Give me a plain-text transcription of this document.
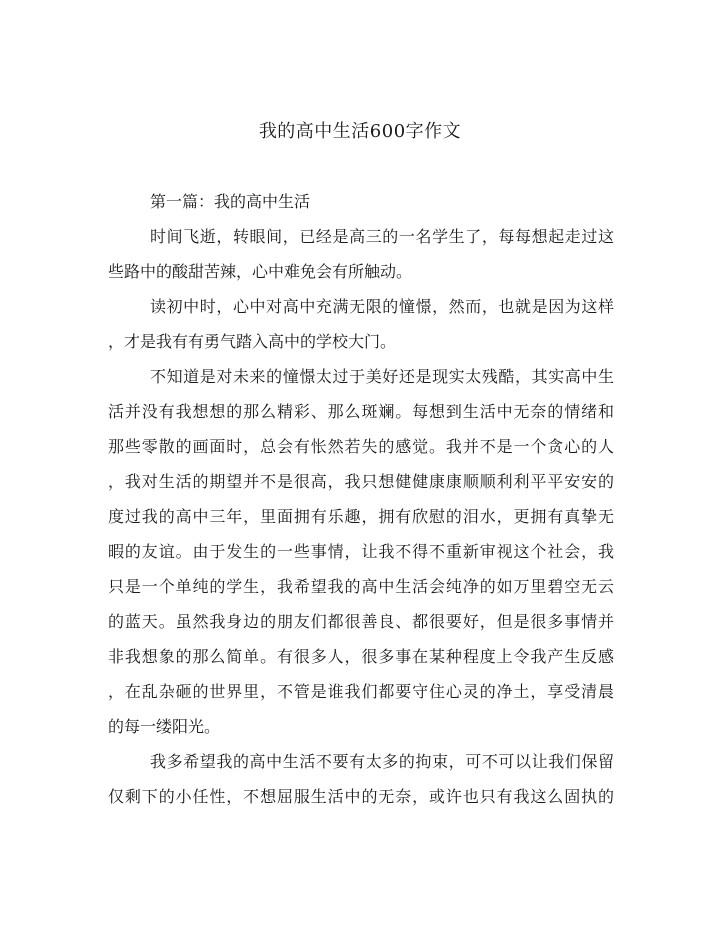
我的高中生活600字作文
第一篇：我的高中生活
时间飞逝，转眼间，已经是高三的一名学生了，每每想起走过这
些路中的酸甜苦辣，心中难免会有所触动。
读初中时，心中对高中充满无限的憧憬，然而，也就是因为这样
，才是我有有勇气踏入高中的学校大门。
不知道是对未来的憧憬太过于美好还是现实太残酷，其实高中生
活并没有我想想的那么精彩、那么斑斓。每想到生活中无奈的情绪和
那些零散的画面时，总会有怅然若失的感觉。我并不是一个贪心的人
，我对生活的期望并不是很高，我只想健健康康顺顺利利平平安安的
度过我的高中三年，里面拥有乐趣，拥有欣慰的泪水，更拥有真挚无
暇的友谊。由于发生的一些事情，让我不得不重新审视这个社会，我
只是一个单纯的学生，我希望我的高中生活会纯净的如万里碧空无云
的蓝天。虽然我身边的朋友们都很善良、都很要好，但是很多事情并
非我想象的那么简单。有很多人，很多事在某种程度上令我产生反感
，在乱杂砸的世界里，不管是谁我们都要守住心灵的净土，享受清晨
的每一缕阳光。
我多希望我的高中生活不要有太多的拘束，可不可以让我们保留
仅剩下的小任性，不想屈服生活中的无奈，或许也只有我这么固执的
